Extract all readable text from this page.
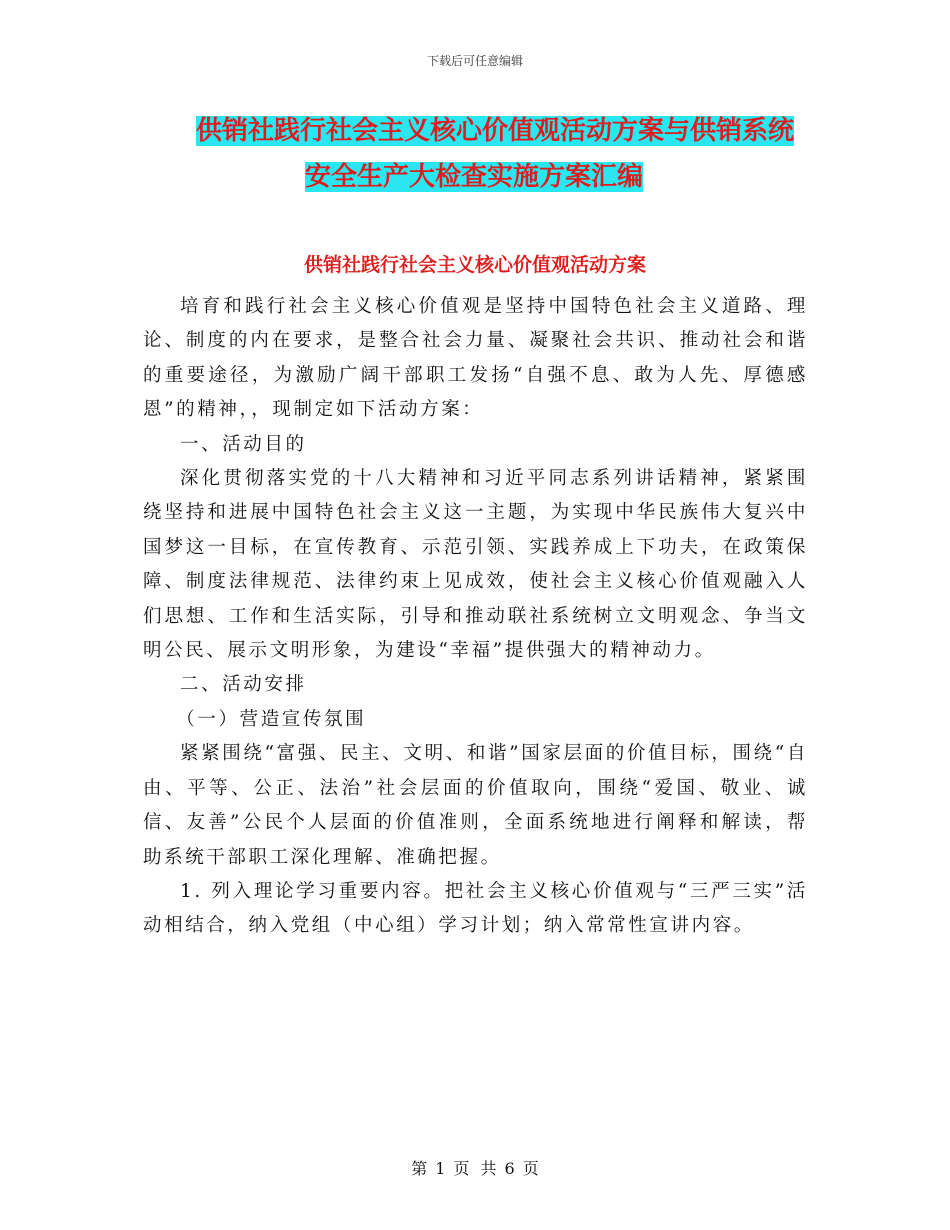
下载后可任意编辑
供销社践行社会主义核心价值观活动方案与供销系统
安全生产大检查实施方案汇编
供销社践行社会主义核心价值观活动方案

培育和践行社会主义核心价值观是坚持中国特色社会主义道路、理论、制度的内在要求，是整合社会力量、凝聚社会共识、推动社会和谐的重要途径，为激励广阔干部职工发扬“自强不息、敢为人先、厚德感恩”的精神，，现制定如下活动方案：

一、活动目的

深化贯彻落实党的十八大精神和习近平同志系列讲话精神，紧紧围绕坚持和进展中国特色社会主义这一主题，为实现中华民族伟大复兴中国梦这一目标，在宣传教育、示范引领、实践养成上下功夫，在政策保障、制度法律规范、法律约束上见成效，使社会主义核心价值观融入人们思想、工作和生活实际，引导和推动联社系统树立文明观念、争当文明公民、展示文明形象，为建设“幸福”提供强大的精神动力。

二、活动安排

（一）营造宣传氛围

紧紧围绕“富强、民主、文明、和谐”国家层面的价值目标，围绕“自由、平等、公正、法治”社会层面的价值取向，围绕“爱国、敬业、诚信、友善”公民个人层面的价值准则，全面系统地进行阐释和解读，帮助系统干部职工深化理解、准确把握。

1. 列入理论学习重要内容。把社会主义核心价值观与“三严三实”活动相结合，纳入党组（中心组）学习计划；纳入常常性宣讲内容。

第 1 页 共 6 页
